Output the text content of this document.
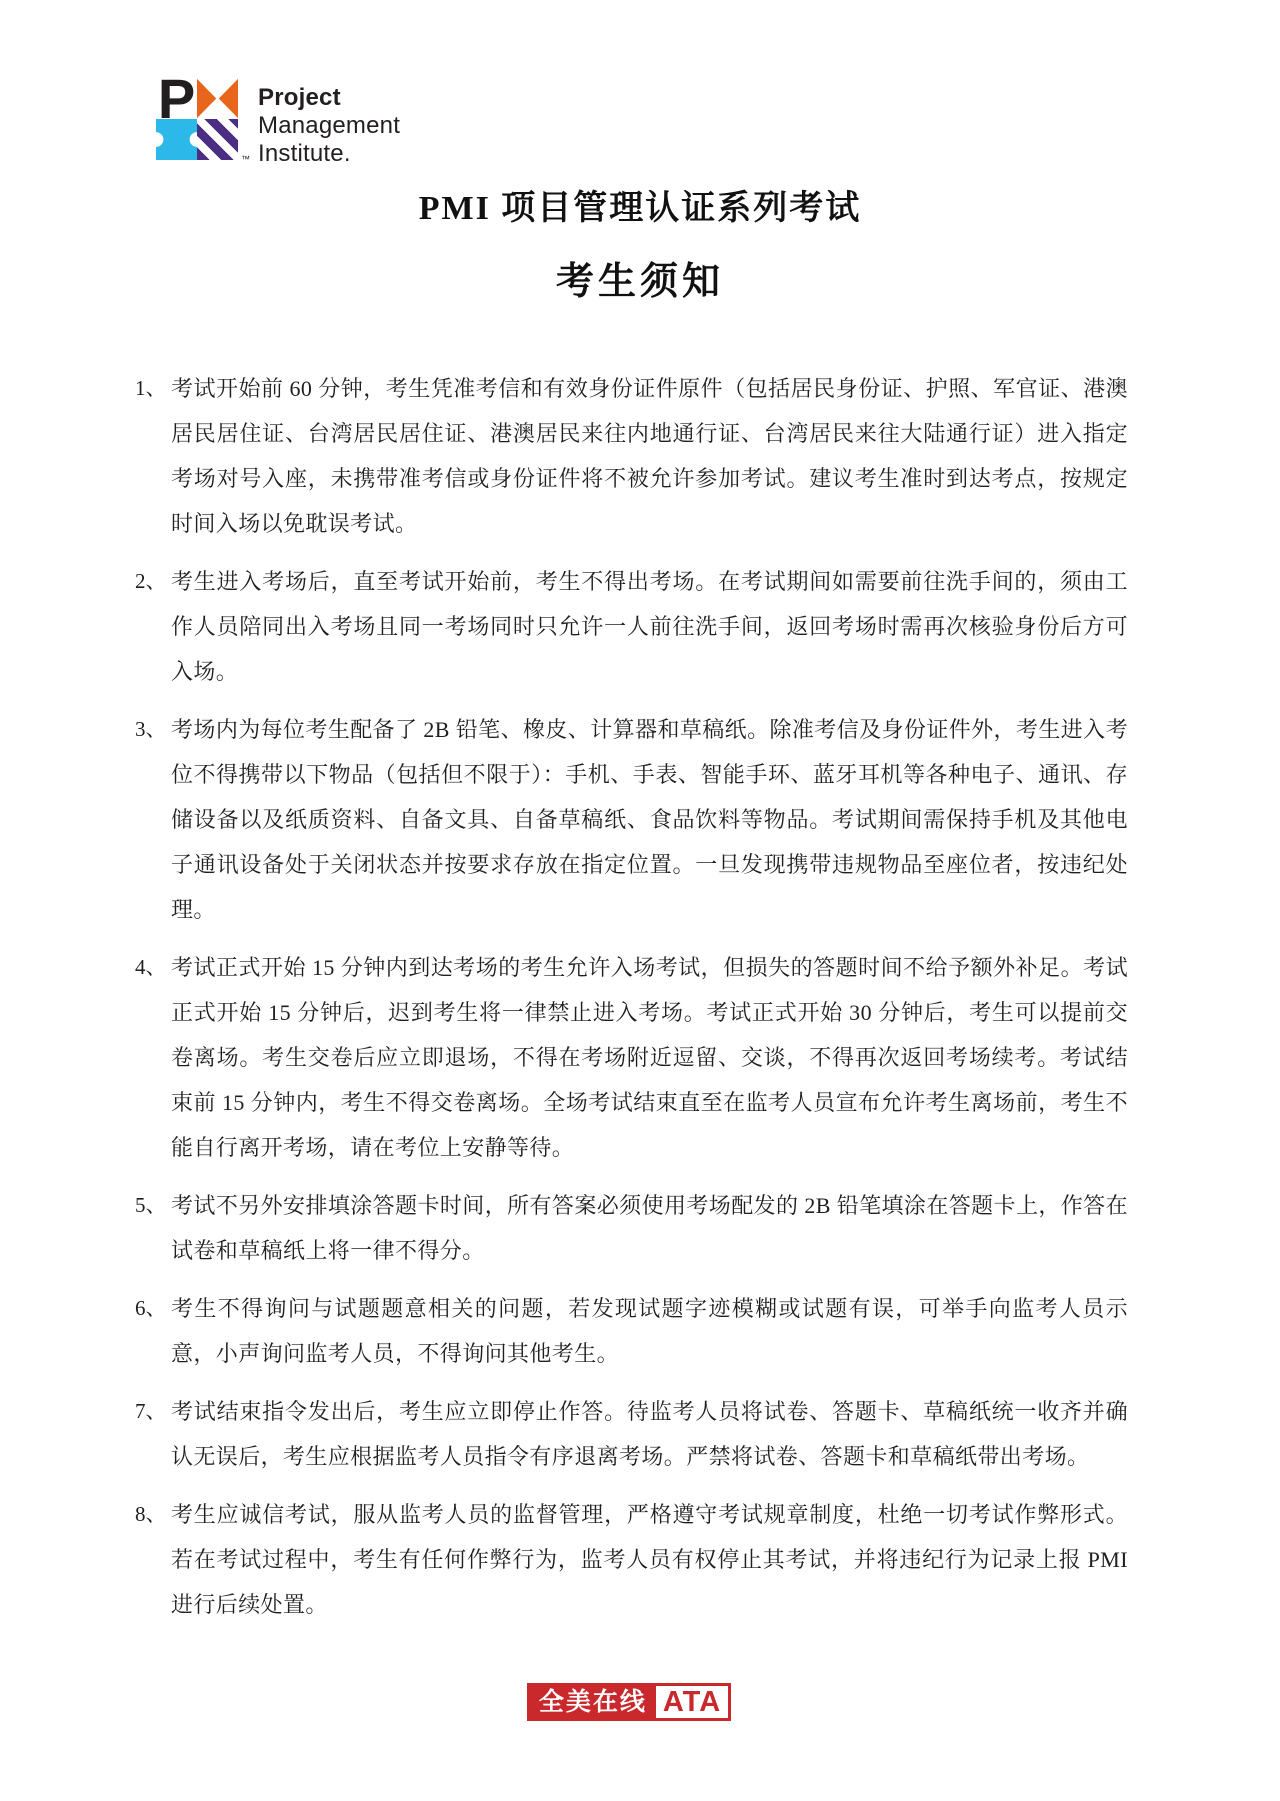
P
™
Project
Management
Institute.
PMI 项目管理认证系列考试
考生须知
1、 考试开始前 60 分钟，考生凭准考信和有效身份证件原件（包括居民身份证、护照、军官证、港澳居民居住证、台湾居民居住证、港澳居民来往内地通行证、台湾居民来往大陆通行证）进入指定考场对号入座，未携带准考信或身份证件将不被允许参加考试。建议考生准时到达考点，按规定时间入场以免耽误考试。
2、 考生进入考场后，直至考试开始前，考生不得出考场。在考试期间如需要前往洗手间的，须由工作人员陪同出入考场且同一考场同时只允许一人前往洗手间，返回考场时需再次核验身份后方可入场。
3、 考场内为每位考生配备了 2B 铅笔、橡皮、计算器和草稿纸。除准考信及身份证件外，考生进入考位不得携带以下物品（包括但不限于）：手机、手表、智能手环、蓝牙耳机等各种电子、通讯、存储设备以及纸质资料、自备文具、自备草稿纸、食品饮料等物品。考试期间需保持手机及其他电子通讯设备处于关闭状态并按要求存放在指定位置。一旦发现携带违规物品至座位者，按违纪处理。
4、 考试正式开始 15 分钟内到达考场的考生允许入场考试，但损失的答题时间不给予额外补足。考试正式开始 15 分钟后，迟到考生将一律禁止进入考场。考试正式开始 30 分钟后，考生可以提前交卷离场。考生交卷后应立即退场，不得在考场附近逗留、交谈，不得再次返回考场续考。考试结束前 15 分钟内，考生不得交卷离场。全场考试结束直至在监考人员宣布允许考生离场前，考生不能自行离开考场，请在考位上安静等待。
5、 考试不另外安排填涂答题卡时间，所有答案必须使用考场配发的 2B 铅笔填涂在答题卡上，作答在试卷和草稿纸上将一律不得分。
6、 考生不得询问与试题题意相关的问题，若发现试题字迹模糊或试题有误，可举手向监考人员示意，小声询问监考人员，不得询问其他考生。
7、 考试结束指令发出后，考生应立即停止作答。待监考人员将试卷、答题卡、草稿纸统一收齐并确认无误后，考生应根据监考人员指令有序退离考场。严禁将试卷、答题卡和草稿纸带出考场。
8、 考生应诚信考试，服从监考人员的监督管理，严格遵守考试规章制度，杜绝一切考试作弊形式。若在考试过程中，考生有任何作弊行为，监考人员有权停止其考试，并将违纪行为记录上报 PMI 进行后续处置。
全美在线 ATA
